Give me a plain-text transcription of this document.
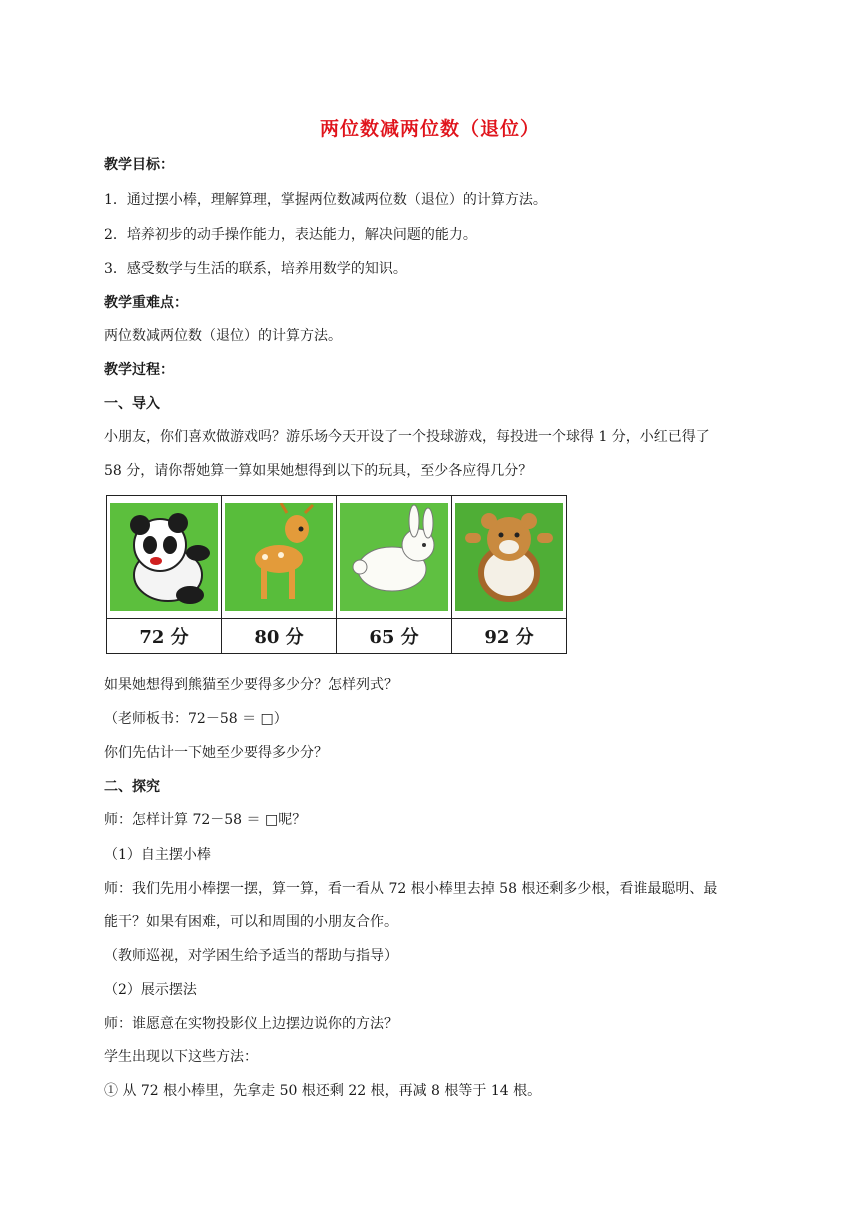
两位数减两位数（退位）
教学目标：
1．通过摆小棒，理解算理，掌握两位数减两位数（退位）的计算方法。
2．培养初步的动手操作能力，表达能力，解决问题的能力。
3．感受数学与生活的联系，培养用数学的知识。
教学重难点：
两位数减两位数（退位）的计算方法。
教学过程：
一、导入
小朋友，你们喜欢做游戏吗？游乐场今天开设了一个投球游戏，每投进一个球得 1 分，小红已得了
58 分，请你帮她算一算如果她想得到以下的玩具，至少各应得几分？

72 分	80 分	65 分	92 分
如果她想得到熊猫至少要得多少分？怎样列式？
（老师板书：72－58 ＝ □）
你们先估计一下她至少要得多少分？
二、探究
师：怎样计算 72－58 ＝ □呢？
（1）自主摆小棒
师：我们先用小棒摆一摆，算一算，看一看从 72 根小棒里去掉 58 根还剩多少根，看谁最聪明、最
能干？如果有困难，可以和周围的小朋友合作。
（教师巡视，对学困生给予适当的帮助与指导）
（2）展示摆法
师：谁愿意在实物投影仪上边摆边说你的方法？
学生出现以下这些方法：
① 从 72 根小棒里，先拿走 50 根还剩 22 根，再减 8 根等于 14 根。
